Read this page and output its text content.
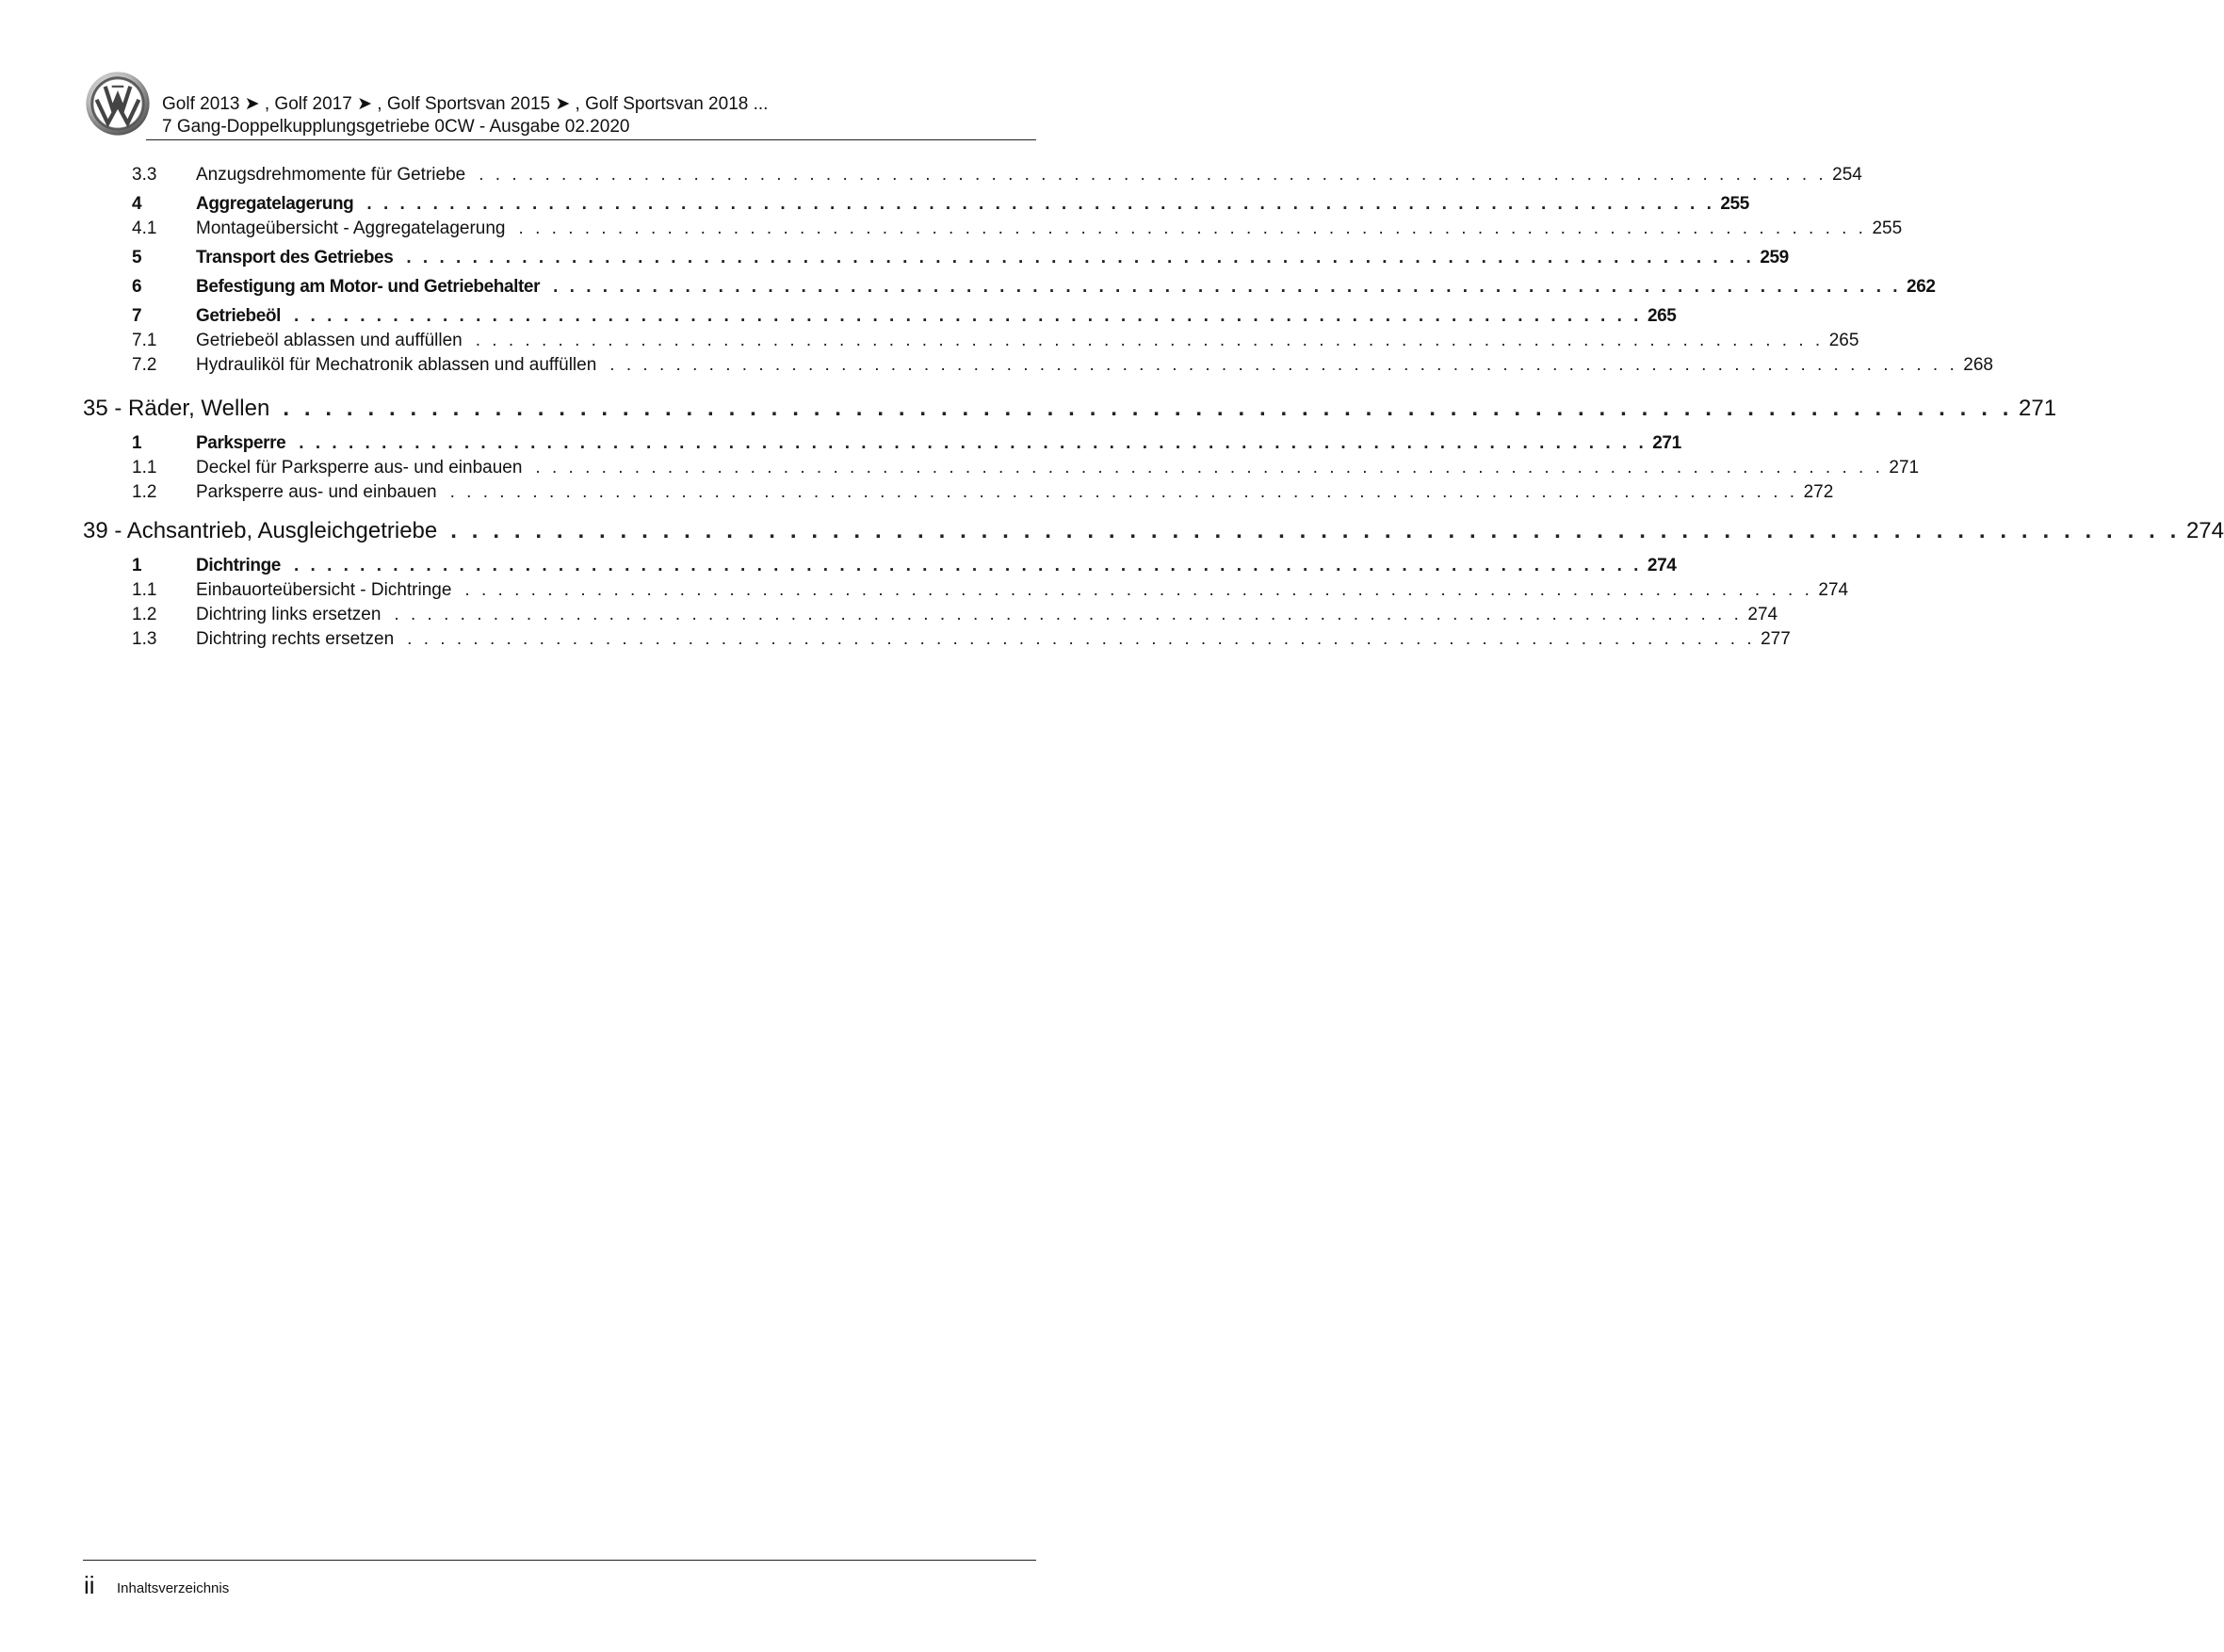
Golf 2013 ➤ , Golf 2017 ➤ , Golf Sportsvan 2015 ➤ , Golf Sportsvan 2018 ...
7 Gang-Doppelkupplungsgetriebe 0CW - Ausgabe 02.2020
3.3	Anzugsdrehmomente für Getriebe . . . . . . . . . . . . . . . . . . . . . . . . . . . . . . . . . . . . . . . . . . . . . . . . . . . . . . . . . . . . . . . . . . . . . . . . . . . . . . . . . . 254
4	Aggregatelagerung . . . . . . . . . . . . . . . . . . . . . . . . . . . . . . . . . . . . . . . . . . . . . . . . . . . . . . . . . . . . . . . . . . . . . . . . . . . . . . . . . . 255
4.1	Montageübersicht - Aggregatelagerung . . . . . . . . . . . . . . . . . . . . . . . . . . . . . . . . . . . . . . . . . . . . . . . . . . . . . . . . . . . . . . . . . . . . . . . . . . . . . . . . . . 255
5	Transport des Getriebes . . . . . . . . . . . . . . . . . . . . . . . . . . . . . . . . . . . . . . . . . . . . . . . . . . . . . . . . . . . . . . . . . . . . . . . . . . . . . . . . . . 259
6	Befestigung am Motor- und Getriebehalter . . . . . . . . . . . . . . . . . . . . . . . . . . . . . . . . . . . . . . . . . . . . . . . . . . . . . . . . . . . . . . . . . . . . . . . . . . . . . . . . . . 262
7	Getriebeöl . . . . . . . . . . . . . . . . . . . . . . . . . . . . . . . . . . . . . . . . . . . . . . . . . . . . . . . . . . . . . . . . . . . . . . . . . . . . . . . . . . 265
7.1	Getriebeöl ablassen und auffüllen . . . . . . . . . . . . . . . . . . . . . . . . . . . . . . . . . . . . . . . . . . . . . . . . . . . . . . . . . . . . . . . . . . . . . . . . . . . . . . . . . . 265
7.2	Hydrauliköl für Mechatronik ablassen und auffüllen . . . . . . . . . . . . . . . . . . . . . . . . . . . . . . . . . . . . . . . . . . . . . . . . . . . . . . . . . . . . . . . . . . . . . . . . . . . . . . . . . . 268
35 - Räder, Wellen . . . . . . . . . . . . . . . . . . . . . . . . . . . . . . . . . . . . . . . . . . . . . . . . . . . . . . . . . . . . . . . . . . . . . . . . . . . . . . . . . . 271
1	Parksperre . . . . . . . . . . . . . . . . . . . . . . . . . . . . . . . . . . . . . . . . . . . . . . . . . . . . . . . . . . . . . . . . . . . . . . . . . . . . . . . . . . 271
1.1	Deckel für Parksperre aus- und einbauen . . . . . . . . . . . . . . . . . . . . . . . . . . . . . . . . . . . . . . . . . . . . . . . . . . . . . . . . . . . . . . . . . . . . . . . . . . . . . . . . . . 271
1.2	Parksperre aus- und einbauen . . . . . . . . . . . . . . . . . . . . . . . . . . . . . . . . . . . . . . . . . . . . . . . . . . . . . . . . . . . . . . . . . . . . . . . . . . . . . . . . . . 272
39 - Achsantrieb, Ausgleichgetriebe . . . . . . . . . . . . . . . . . . . . . . . . . . . . . . . . . . . . . . . . . . . . . . . . . . . . . . . . . . . . . . . . . . . . . . . . . . . . . . . . . . 274
1	Dichtringe . . . . . . . . . . . . . . . . . . . . . . . . . . . . . . . . . . . . . . . . . . . . . . . . . . . . . . . . . . . . . . . . . . . . . . . . . . . . . . . . . . 274
1.1	Einbauorteübersicht - Dichtringe . . . . . . . . . . . . . . . . . . . . . . . . . . . . . . . . . . . . . . . . . . . . . . . . . . . . . . . . . . . . . . . . . . . . . . . . . . . . . . . . . . 274
1.2	Dichtring links ersetzen . . . . . . . . . . . . . . . . . . . . . . . . . . . . . . . . . . . . . . . . . . . . . . . . . . . . . . . . . . . . . . . . . . . . . . . . . . . . . . . . . . 274
1.3	Dichtring rechts ersetzen . . . . . . . . . . . . . . . . . . . . . . . . . . . . . . . . . . . . . . . . . . . . . . . . . . . . . . . . . . . . . . . . . . . . . . . . . . . . . . . . . . 277
ii Inhaltsverzeichnis
